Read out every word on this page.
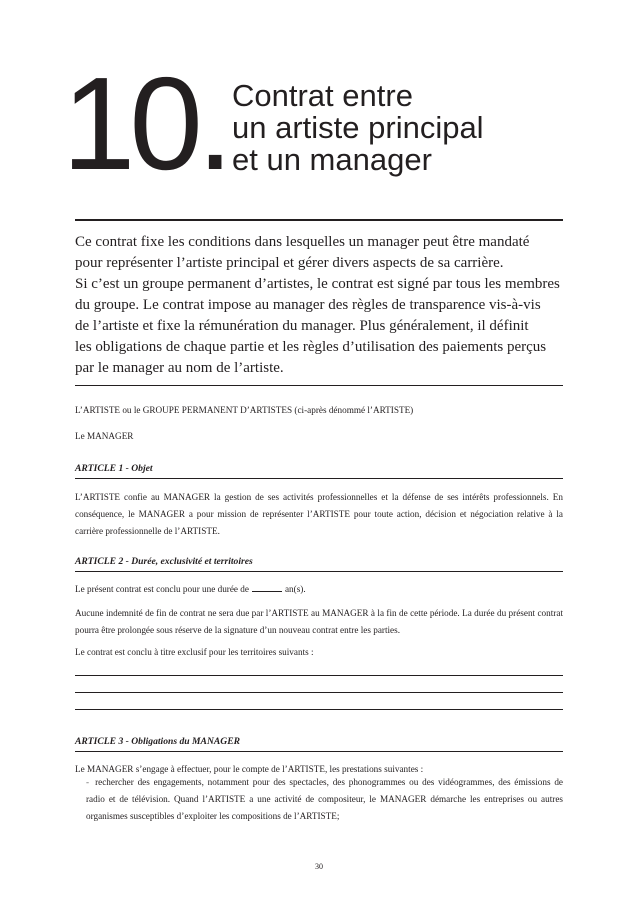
10. Contrat entre
un artiste principal
et un manager
Ce contrat fixe les conditions dans lesquelles un manager peut être mandaté
pour représenter l’artiste principal et gérer divers aspects de sa carrière.
Si c’est un groupe permanent d’artistes, le contrat est signé par tous les membres
du groupe. Le contrat impose au manager des règles de transparence vis-à-vis
de l’artiste et fixe la rémunération du manager. Plus généralement, il définit
les obligations de chaque partie et les règles d’utilisation des paiements perçus
par le manager au nom de l’artiste.
L’ARTISTE ou le GROUPE PERMANENT D’ARTISTES (ci-après dénommé l’ARTISTE)
Le MANAGER
ARTICLE 1 - Objet
L’ARTISTE confie au MANAGER la gestion de ses activités professionnelles et la défense de ses intérêts professionnels. En conséquence, le MANAGER a pour mission de représenter l’ARTISTE pour toute action, décision et négociation relative à la carrière professionnelle de l’ARTISTE.
ARTICLE 2 - Durée, exclusivité et territoires
Le présent contrat est conclu pour une durée de	an(s).
Aucune indemnité de fin de contrat ne sera due par l’ARTISTE au MANAGER à la fin de cette période. La durée du présent contrat pourra être prolongée sous réserve de la signature d’un nouveau contrat entre les parties.
Le contrat est conclu à titre exclusif pour les territoires suivants :
ARTICLE 3 - Obligations du MANAGER
Le MANAGER s’engage à effectuer, pour le compte de l’ARTISTE, les prestations suivantes :
- rechercher des engagements, notamment pour des spectacles, des phonogrammes ou des vidéogrammes, des émissions de radio et de télévision. Quand l’ARTISTE a une activité de compositeur, le MANAGER démarche les entreprises ou autres organismes susceptibles d’exploiter les compositions de l’ARTISTE;
30
